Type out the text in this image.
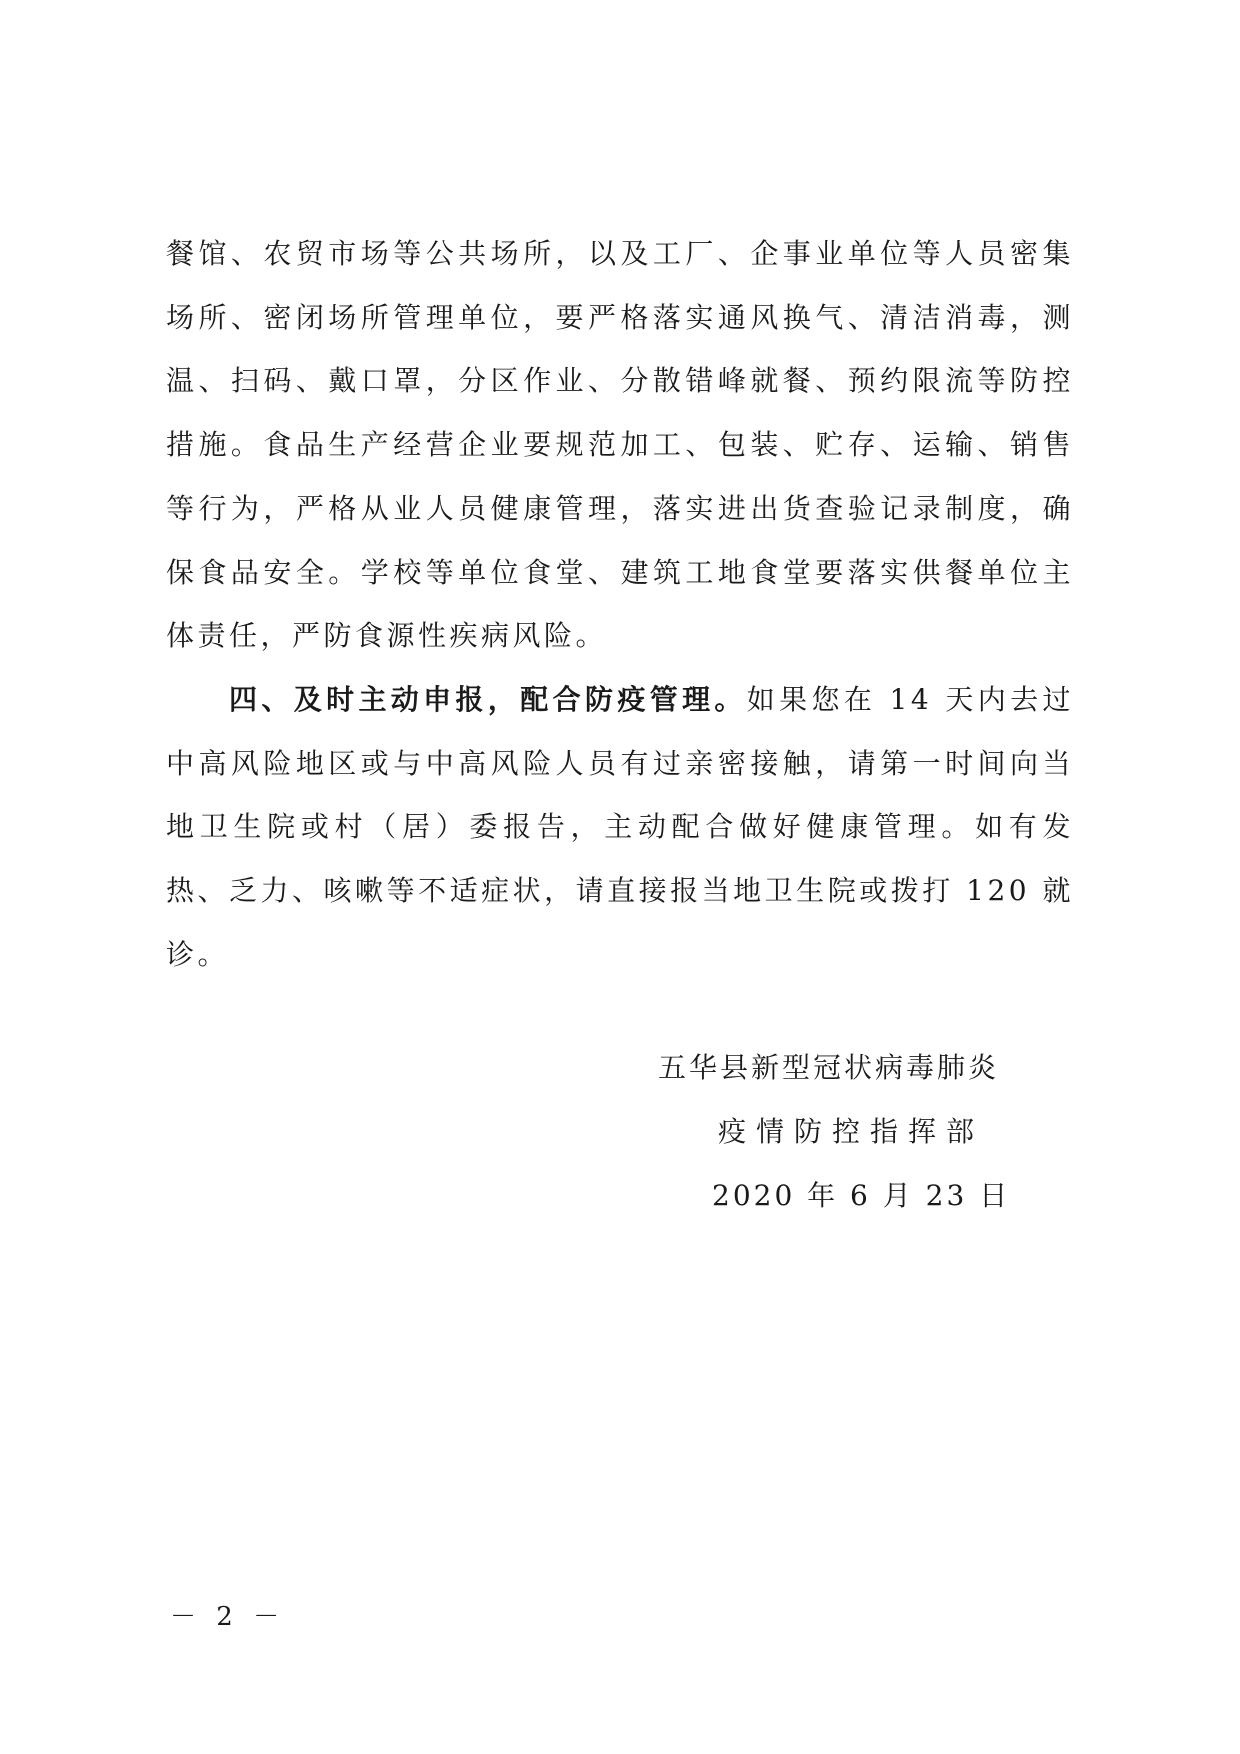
餐馆、农贸市场等公共场所，以及工厂、企事业单位等人员密集场所、密闭场所管理单位，要严格落实通风换气、清洁消毒，测温、扫码、戴口罩，分区作业、分散错峰就餐、预约限流等防控措施。食品生产经营企业要规范加工、包装、贮存、运输、销售等行为，严格从业人员健康管理，落实进出货查验记录制度，确保食品安全。学校等单位食堂、建筑工地食堂要落实供餐单位主体责任，严防食源性疾病风险。

四、及时主动申报，配合防疫管理。如果您在 14 天内去过中高风险地区或与中高风险人员有过亲密接触，请第一时间向当地卫生院或村（居）委报告，主动配合做好健康管理。如有发热、乏力、咳嗽等不适症状，请直接报当地卫生院或拨打 120 就诊。

五华县新型冠状病毒肺炎
疫情防控指挥部
2020 年 6 月 23 日
－ 2 －
